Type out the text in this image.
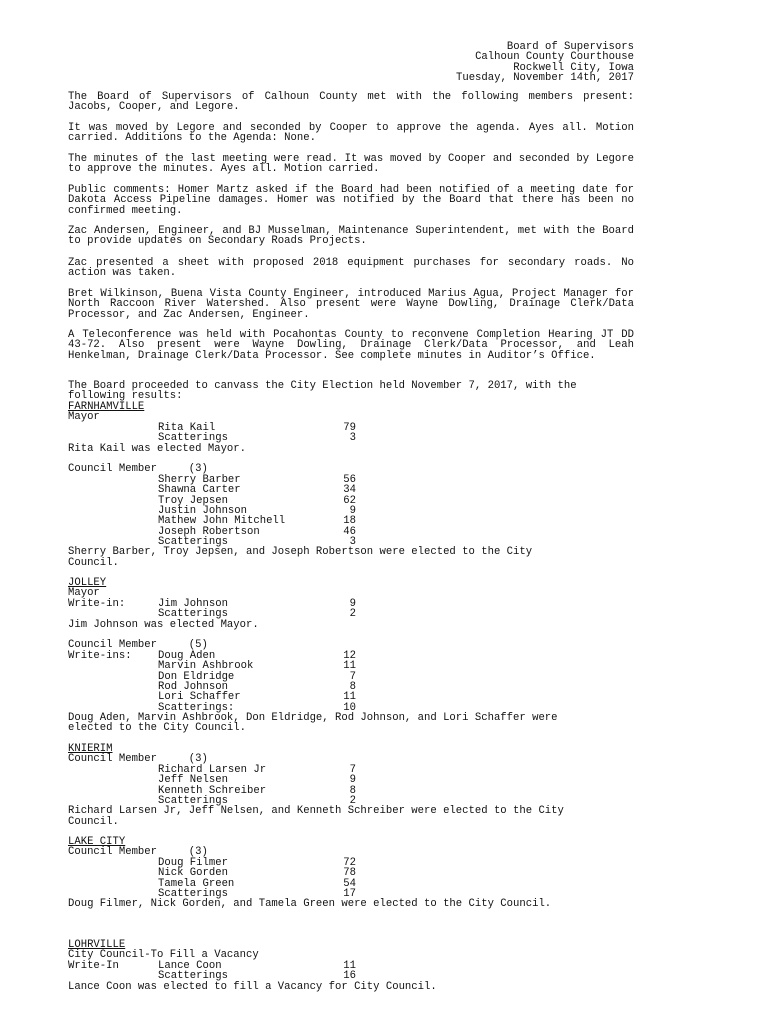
Board of Supervisors
Calhoun County Courthouse
Rockwell City, Iowa
Tuesday, November 14th, 2017
The Board of Supervisors of Calhoun County met with the following members present: Jacobs, Cooper, and Legore.
It was moved by Legore and seconded by Cooper to approve the agenda. Ayes all. Motion carried. Additions to the Agenda: None.
The minutes of the last meeting were read. It was moved by Cooper and seconded by Legore to approve the minutes. Ayes all. Motion carried.
Public comments: Homer Martz asked if the Board had been notified of a meeting date for Dakota Access Pipeline damages. Homer was notified by the Board that there has been no confirmed meeting.
Zac Andersen, Engineer, and BJ Musselman, Maintenance Superintendent, met with the Board to provide updates on Secondary Roads Projects.
Zac presented a sheet with proposed 2018 equipment purchases for secondary roads. No action was taken.
Bret Wilkinson, Buena Vista County Engineer, introduced Marius Agua, Project Manager for North Raccoon River Watershed. Also present were Wayne Dowling, Drainage Clerk/Data Processor, and Zac Andersen, Engineer.
A Teleconference was held with Pocahontas County to reconvene Completion Hearing JT DD 43-72. Also present were Wayne Dowling, Drainage Clerk/Data Processor, and Leah Henkelman, Drainage Clerk/Data Processor. See complete minutes in Auditor’s Office.
The Board proceeded to canvass the City Election held November 7, 2017, with the
following results:
FARNHAMVILLE
Mayor
Rita Kail	79
Scatterings	3
Rita Kail was elected Mayor.
Council Member     (3)
Sherry Barber	56
Shawna Carter	34
Troy Jepsen	62
Justin Johnson	9
Mathew John Mitchell	18
Joseph Robertson	46
Scatterings	3
Sherry Barber, Troy Jepsen, and Joseph Robertson were elected to the City
Council.
JOLLEY
Mayor
Write-in:	Jim Johnson	9
Scatterings	2
Jim Johnson was elected Mayor.
Council Member     (5)
Write-ins: Doug Aden	12
Marvin Ashbrook	11
Don Eldridge	7
Rod Johnson	8
Lori Schaffer	11
Scatterings:	10
Doug Aden, Marvin Ashbrook, Don Eldridge, Rod Johnson, and Lori Schaffer were
elected to the City Council.
KNIERIM
Council Member     (3)
Richard Larsen Jr	7
Jeff Nelsen	9
Kenneth Schreiber	8
Scatterings	2
Richard Larsen Jr, Jeff Nelsen, and Kenneth Schreiber were elected to the City
Council.
LAKE CITY
Council Member     (3)
Doug Filmer	72
Nick Gorden	78
Tamela Green	54
Scatterings	17
Doug Filmer, Nick Gorden, and Tamela Green were elected to the City Council.
LOHRVILLE
City Council-To Fill a Vacancy
Write-In	Lance Coon	11
Scatterings	16
Lance Coon was elected to fill a Vacancy for City Council.
